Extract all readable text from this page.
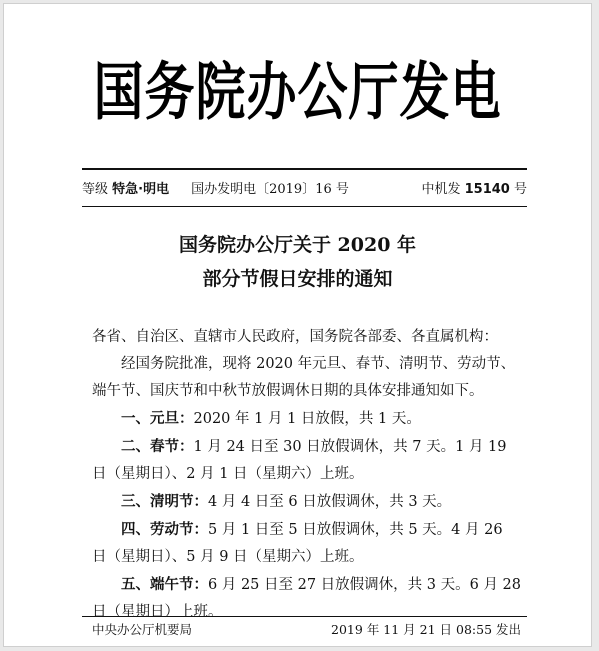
国务院办公厅发电
等级 特急·明电 国办发明电〔2019〕16 号	中机发 15140 号
国务院办公厅关于 2020 年
部分节假日安排的通知

各省、自治区、直辖市人民政府，国务院各部委、各直属机构：

经国务院批准，现将 2020 年元旦、春节、清明节、劳动节、端午节、国庆节和中秋节放假调休日期的具体安排通知如下。

一、元旦：2020 年 1 月 1 日放假，共 1 天。

二、春节：1 月 24 日至 30 日放假调休，共 7 天。1 月 19 日（星期日）、2 月 1 日（星期六）上班。

三、清明节：4 月 4 日至 6 日放假调休，共 3 天。

四、劳动节：5 月 1 日至 5 日放假调休，共 5 天。4 月 26 日（星期日）、5 月 9 日（星期六）上班。

五、端午节：6 月 25 日至 27 日放假调休，共 3 天。6 月 28 日（星期日）上班。

中央办公厅机要局	2019 年 11 月 21 日 08:55 发出
